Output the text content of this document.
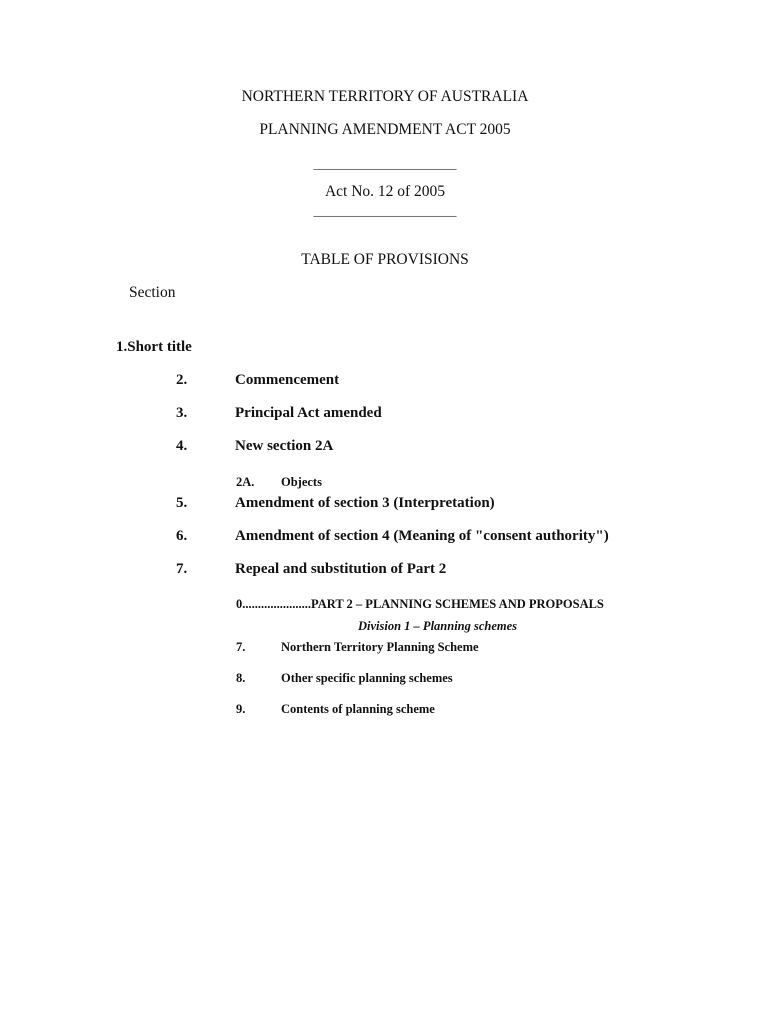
NORTHERN TERRITORY OF AUSTRALIA
PLANNING AMENDMENT ACT 2005
______________________
Act No. 12 of 2005
______________________
TABLE OF PROVISIONS
Section
1.Short title
2.	Commencement
3.	Principal Act amended
4.	New section 2A
2A. Objects
5.	Amendment of section 3 (Interpretation)
6.	Amendment of section 4 (Meaning of "consent authority")
7.	Repeal and substitution of Part 2
0......................PART 2 – PLANNING SCHEMES AND PROPOSALS
Division 1 – Planning schemes
7.	Northern Territory Planning Scheme
8.	Other specific planning schemes
9.	Contents of planning scheme
